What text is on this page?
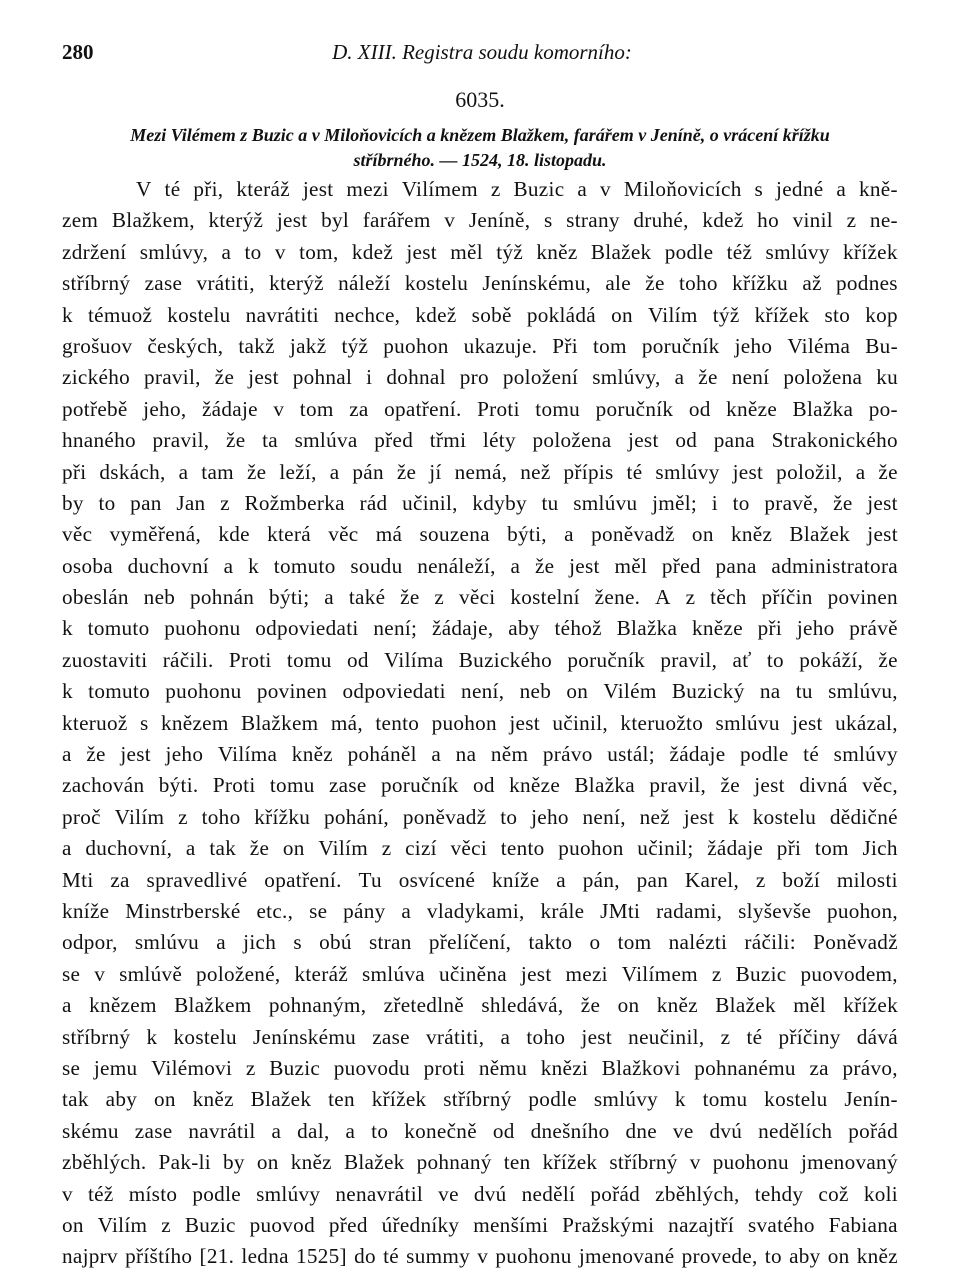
280	D. XIII. Registra soudu komorního:
6035.
Mezi Vilémem z Buzic a v Miloňovicích a knězem Blažkem, farářem v Jeníně, o vrácení křížku
stříbrného. — 1524, 18. listopadu.
V té při, kteráž jest mezi Vilímem z Buzic a v Miloňovicích s jedné a kně-
zem Blažkem, kterýž jest byl farářem v Jeníně, s strany druhé, kdež ho vinil z ne-
zdržení smlúvy, a to v tom, kdež jest měl týž kněz Blažek podle též smlúvy křížek
stříbrný zase vrátiti, kterýž náleží kostelu Jenínskému, ale že toho křížku až podnes
k témuož kostelu navrátiti nechce, kdež sobě pokládá on Vilím týž křížek sto kop
grošuov českých, takž jakž týž puohon ukazuje. Při tom poručník jeho Viléma Bu-
zického pravil, že jest pohnal i dohnal pro položení smlúvy, a že není položena ku
potřebě jeho, žádaje v tom za opatření. Proti tomu poručník od kněze Blažka po-
hnaného pravil, že ta smlúva před třmi léty položena jest od pana Strakonického
při dskách, a tam že leží, a pán že jí nemá, než přípis té smlúvy jest položil, a že
by to pan Jan z Rožmberka rád učinil, kdyby tu smlúvu jměl; i to pravě, že jest
věc vyměřená, kde která věc má souzena býti, a poněvadž on kněz Blažek jest
osoba duchovní a k tomuto soudu nenáleží, a že jest měl před pana administratora
obeslán neb pohnán býti; a také že z věci kostelní žene. A z těch příčin povinen
k tomuto puohonu odpoviedati není; žádaje, aby téhož Blažka kněze při jeho právě
zuostaviti ráčili. Proti tomu od Vilíma Buzického poručník pravil, ať to pokáží, že
k tomuto puohonu povinen odpoviedati není, neb on Vilém Buzický na tu smlúvu,
kteruož s knězem Blažkem má, tento puohon jest učinil, kteruožto smlúvu jest ukázal,
a že jest jeho Vilíma kněz poháněl a na něm právo ustál; žádaje podle té smlúvy
zachován býti. Proti tomu zase poručník od kněze Blažka pravil, že jest divná věc,
proč Vilím z toho křížku pohání, poněvadž to jeho není, než jest k kostelu dědičné
a duchovní, a tak že on Vilím z cizí věci tento puohon učinil; žádaje při tom Jich
Mti za spravedlivé opatření. Tu osvícené kníže a pán, pan Karel, z boží milosti
kníže Minstrberské etc., se pány a vladykami, krále JMti radami, slyševše puohon,
odpor, smlúvu a jich s obú stran přelíčení, takto o tom nalézti ráčili: Poněvadž
se v smlúvě položené, kteráž smlúva učiněna jest mezi Vilímem z Buzic puovodem,
a knězem Blažkem pohnaným, zřetedlně shledává, že on kněz Blažek měl křížek
stříbrný k kostelu Jenínskému zase vrátiti, a toho jest neučinil, z té příčiny dává
se jemu Vilémovi z Buzic puovodu proti němu knězi Blažkovi pohnanému za právo,
tak aby on kněz Blažek ten křížek stříbrný podle smlúvy k tomu kostelu Jenín-
skému zase navrátil a dal, a to konečně od dnešního dne ve dvú nedělích pořád
zběhlých. Pak-li by on kněz Blažek pohnaný ten křížek stříbrný v puohonu jmenovaný
v též místo podle smlúvy nenavrátil ve dvú nedělí pořád zběhlých, tehdy což koli
on Vilím z Buzic puovod před úředníky menšími Pražskými nazajtří svatého Fabiana
najprv příštího [21. ledna 1525] do té summy v puohonu jmenované provede, to aby on kněz
